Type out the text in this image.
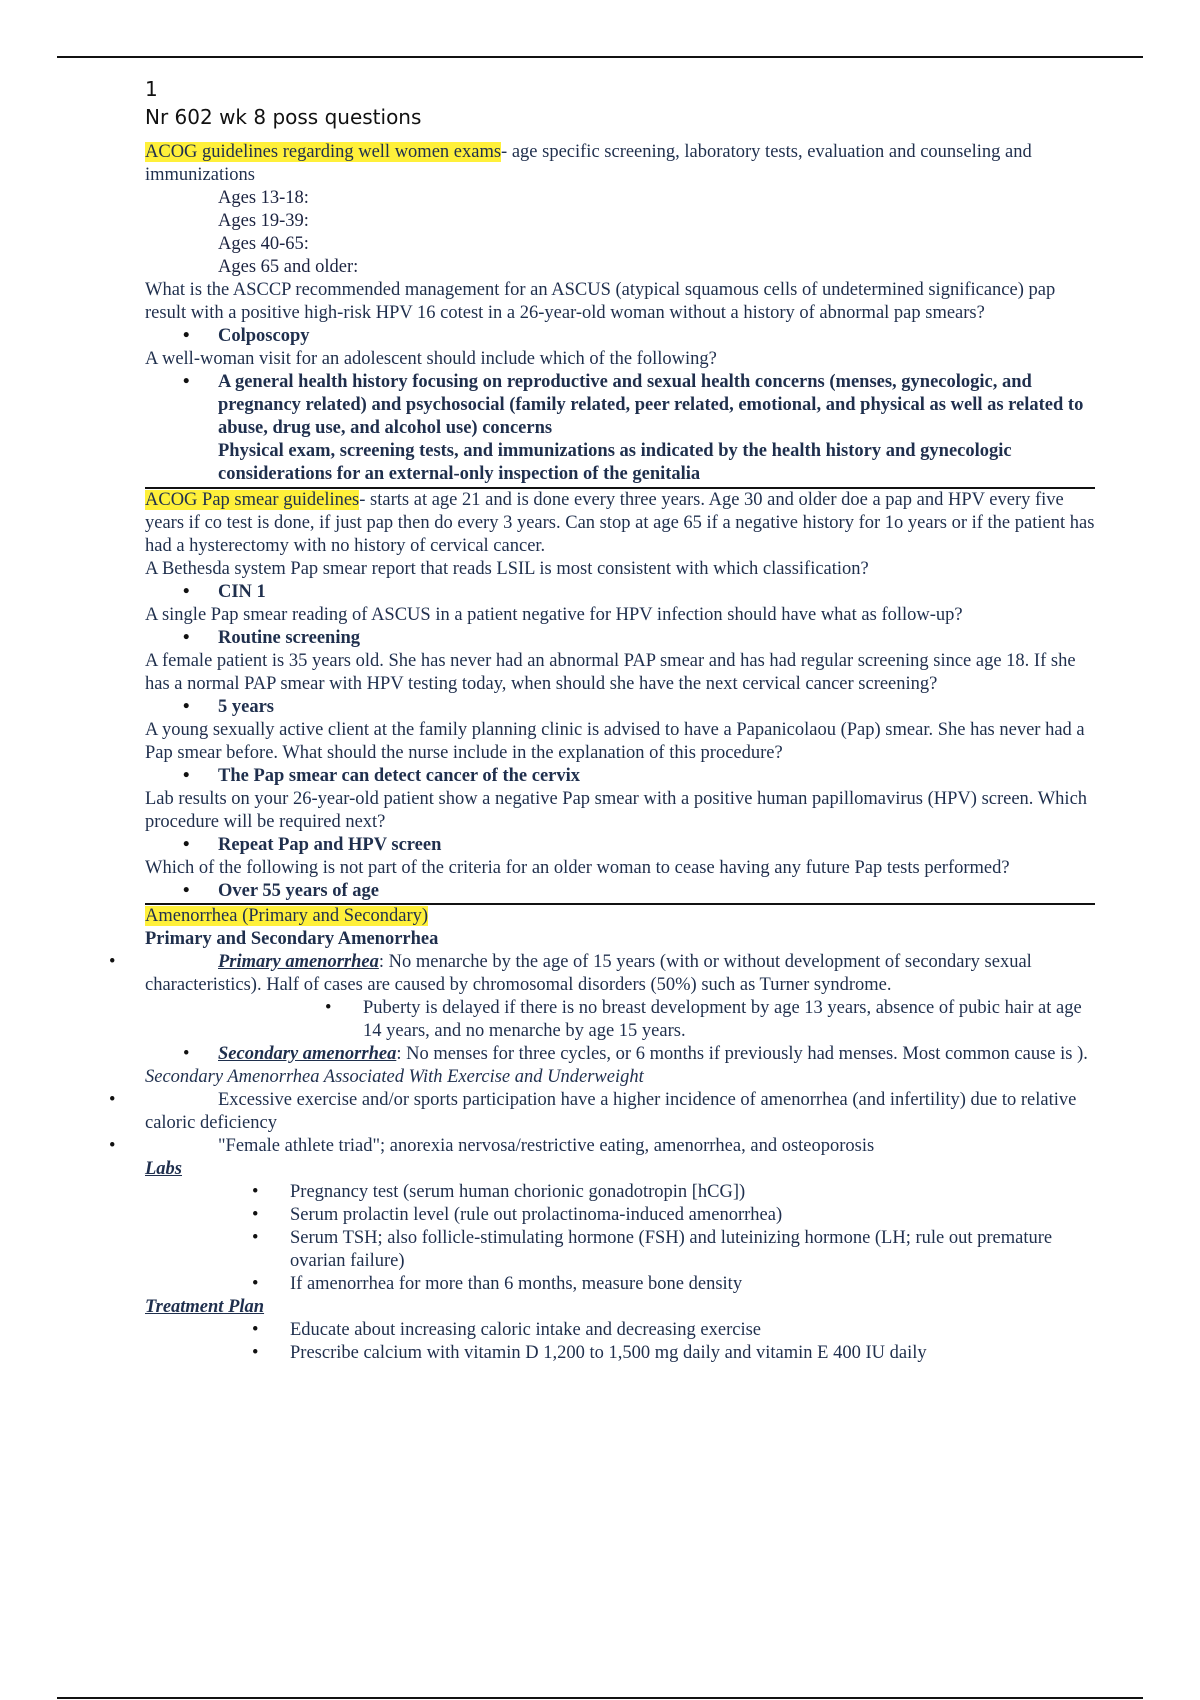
1

Nr 602 wk 8 poss questions

ACOG guidelines regarding well women exams- age specific screening, laboratory tests, evaluation and counseling and immunizations

Ages 13-18:

Ages 19-39:

Ages 40-65:

Ages 65 and older:

What is the ASCCP recommended management for an ASCUS (atypical squamous cells of undetermined significance) pap result with a positive high-risk HPV 16 cotest in a 26-year-old woman without a history of abnormal pap smears?

• Colposcopy

A well-woman visit for an adolescent should include which of the following?

• A general health history focusing on reproductive and sexual health concerns (menses, gynecologic, and pregnancy related) and psychosocial (family related, peer related, emotional, and physical as well as related to abuse, drug use, and alcohol use) concerns
Physical exam, screening tests, and immunizations as indicated by the health history and gynecologic considerations for an external-only inspection of the genitalia

ACOG Pap smear guidelines- starts at age 21 and is done every three years. Age 30 and older doe a pap and HPV every five years if co test is done, if just pap then do every 3 years. Can stop at age 65 if a negative history for 1o years or if the patient has had a hysterectomy with no history of cervical cancer.

A Bethesda system Pap smear report that reads LSIL is most consistent with which classification?

• CIN 1

A single Pap smear reading of ASCUS in a patient negative for HPV infection should have what as follow-up?

• Routine screening

A female patient is 35 years old. She has never had an abnormal PAP smear and has had regular screening since age 18. If she has a normal PAP smear with HPV testing today, when should she have the next cervical cancer screening?

• 5 years

A young sexually active client at the family planning clinic is advised to have a Papanicolaou (Pap) smear. She has never had a Pap smear before. What should the nurse include in the explanation of this procedure?

• The Pap smear can detect cancer of the cervix

Lab results on your 26-year-old patient show a negative Pap smear with a positive human papillomavirus (HPV) screen. Which procedure will be required next?

• Repeat Pap and HPV screen

Which of the following is not part of the criteria for an older woman to cease having any future Pap tests performed?

• Over 55 years of age

Amenorrhea (Primary and Secondary)

Primary and Secondary Amenorrhea

• Primary amenorrhea: No menarche by the age of 15 years (with or without development of secondary sexual characteristics). Half of cases are caused by chromosomal disorders (50%) such as Turner syndrome.

• Puberty is delayed if there is no breast development by age 13 years, absence of pubic hair at age 14 years, and no menarche by age 15 years.
• Secondary amenorrhea: No menses for three cycles, or 6 months if previously had menses. Most common cause is ).

Secondary Amenorrhea Associated With Exercise and Underweight

• Excessive exercise and/or sports participation have a higher incidence of amenorrhea (and infertility) due to relative caloric deficiency

• "Female athlete triad"; anorexia nervosa/restrictive eating, amenorrhea, and osteoporosis

Labs

• Pregnancy test (serum human chorionic gonadotropin [hCG])
• Serum prolactin level (rule out prolactinoma-induced amenorrhea)
• Serum TSH; also follicle-stimulating hormone (FSH) and luteinizing hormone (LH; rule out premature ovarian failure)
• If amenorrhea for more than 6 months, measure bone density

Treatment Plan

• Educate about increasing caloric intake and decreasing exercise
• Prescribe calcium with vitamin D 1,200 to 1,500 mg daily and vitamin E 400 IU daily
